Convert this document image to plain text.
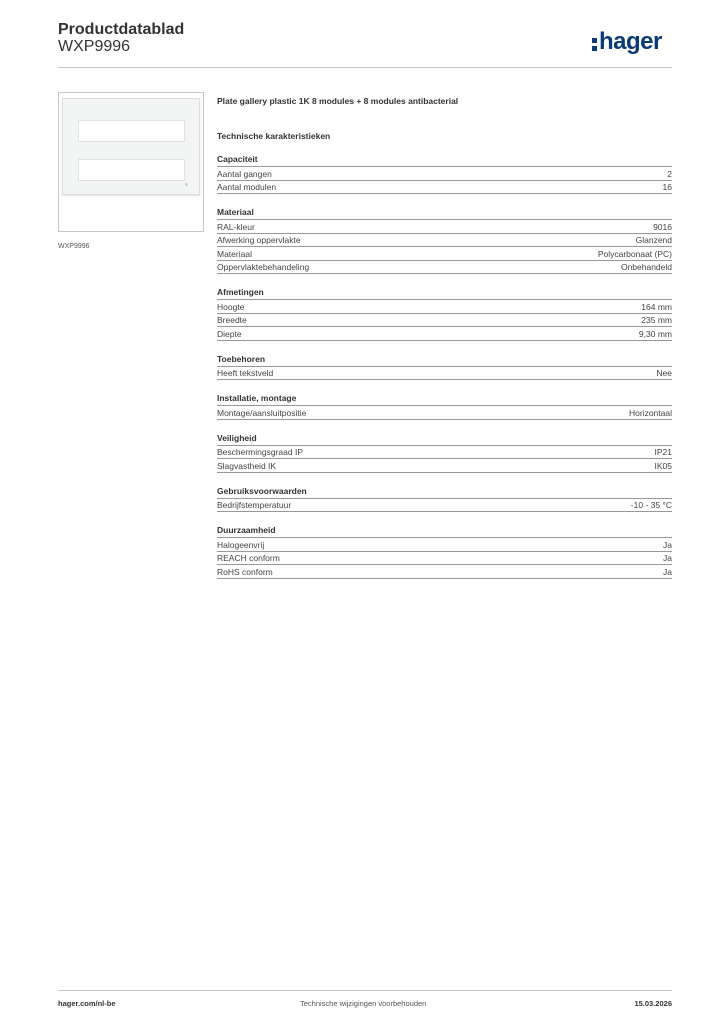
Productdatablad
WXP9996	hager
WXP9996
Plate gallery plastic 1K 8 modules + 8 modules antibacterial
Technische karakteristieken
Capaciteit
Aantal gangen	2
Aantal modulen	16
Materiaal
RAL-kleur	9016
Afwerking oppervlakte	Glanzend
Materiaal	Polycarbonaat (PC)
Oppervlaktebehandeling	Onbehandeld
Afmetingen
Hoogte	164 mm
Breedte	235 mm
Diepte	9,30 mm
Toebehoren
Heeft tekstveld	Nee
Installatie, montage
Montage/aansluitpositie	Horizontaal
Veiligheid
Beschermingsgraad IP	IP21
Slagvastheid IK	IK05
Gebruiksvoorwaarden
Bedrijfstemperatuur	-10 - 35 °C
Duurzaamheid
Halogeenvrij	Ja
REACH conform	Ja
RoHS conform	Ja
hager.com/nl-be	Technische wijzigingen voorbehouden	15.03.2026
